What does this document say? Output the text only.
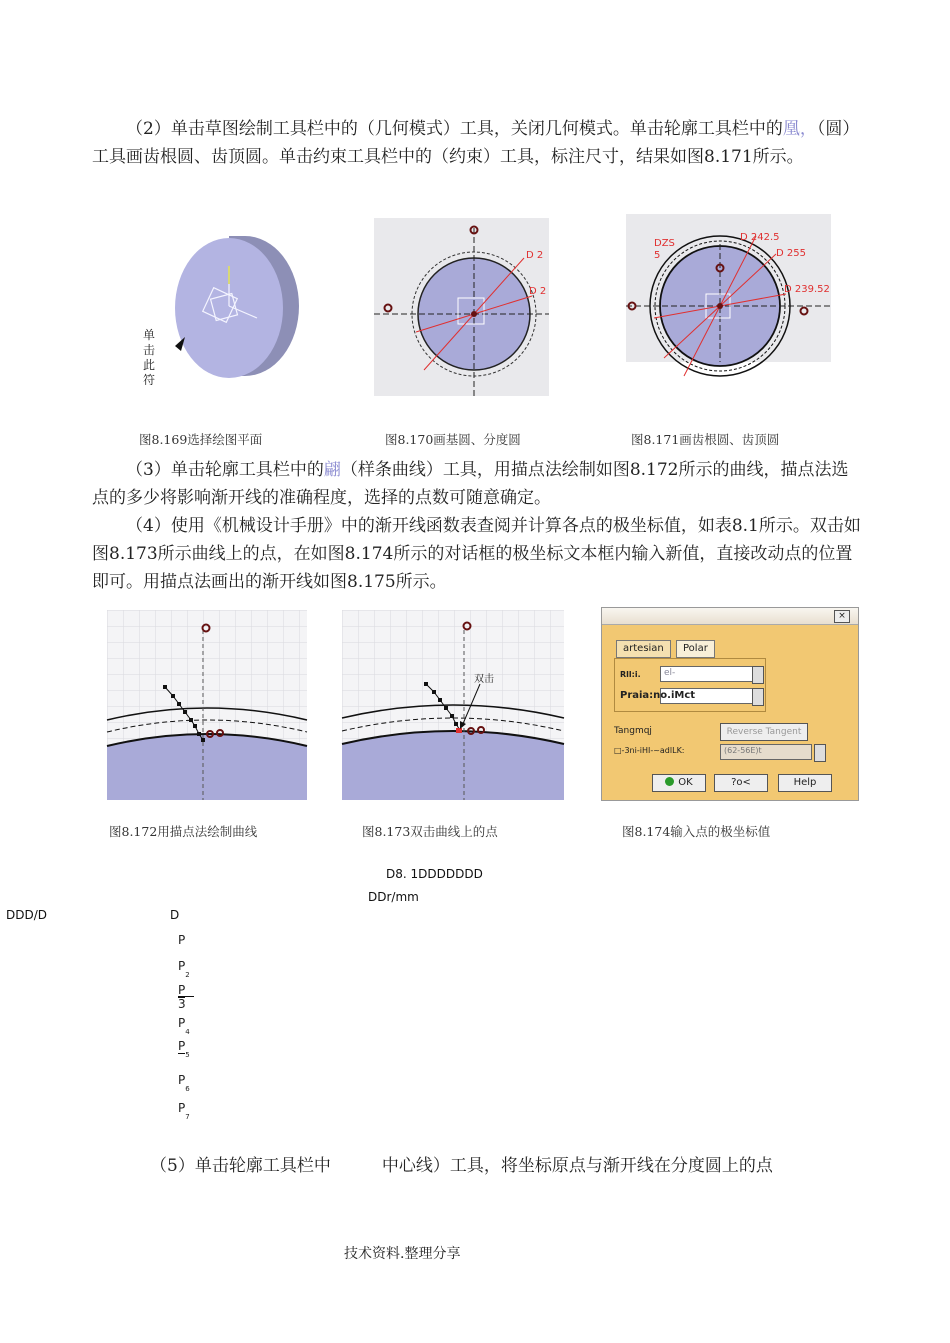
（2）单击草图绘制工具栏中的（几何模式）工具，关闭几何模式。单击轮廓工具栏中的凰，（圆）工具画齿根圆、齿顶圆。单击约束工具栏中的（约束）工具，标注尺寸，结果如图8.171所示。

单击此符
D 2
D 2
DZS
5
D 242.5
D 255
D 239.52
图8.169选择绘图平面	图8.170画基圆、分度圆	图8.171画齿根圆、齿顶圆

（3）单击轮廓工具栏中的翩（样条曲线）工具，用描点法绘制如图8.172所示的曲线，描点法选点的多少将影响渐开线的准确程度，选择的点数可随意确定。

（4）使用《机械设计手册》中的渐开线函数表查阅并计算各点的极坐标值，如表8.1所示。双击如图8.173所示曲线上的点，在如图8.174所示的对话框的极坐标文本框内输入新值，直接改动点的位置即可。用描点法画出的渐开线如图8.175所示。

双击
×
artesian	Polar
Rll:i.	el-
Praia:no.iMct
Tangmqj	Reverse Tangent
□-3ni-iHI-~adlLK:	(62-56E)t
OK	?o<	Help
图8.172用描点法绘制曲线	图8.173双击曲线上的点	图8.174输入点的极坐标值
D8. 1DDDDDDD
DDr/mm
DDD/D	D
P
$P_2$
P
3
$P_4$
$P_5$
$P_6$
$P_7$
（5）单击轮廓工具栏中　　　中心线）工具，将坐标原点与渐开线在分度圆上的点
技术资料.整理分享
